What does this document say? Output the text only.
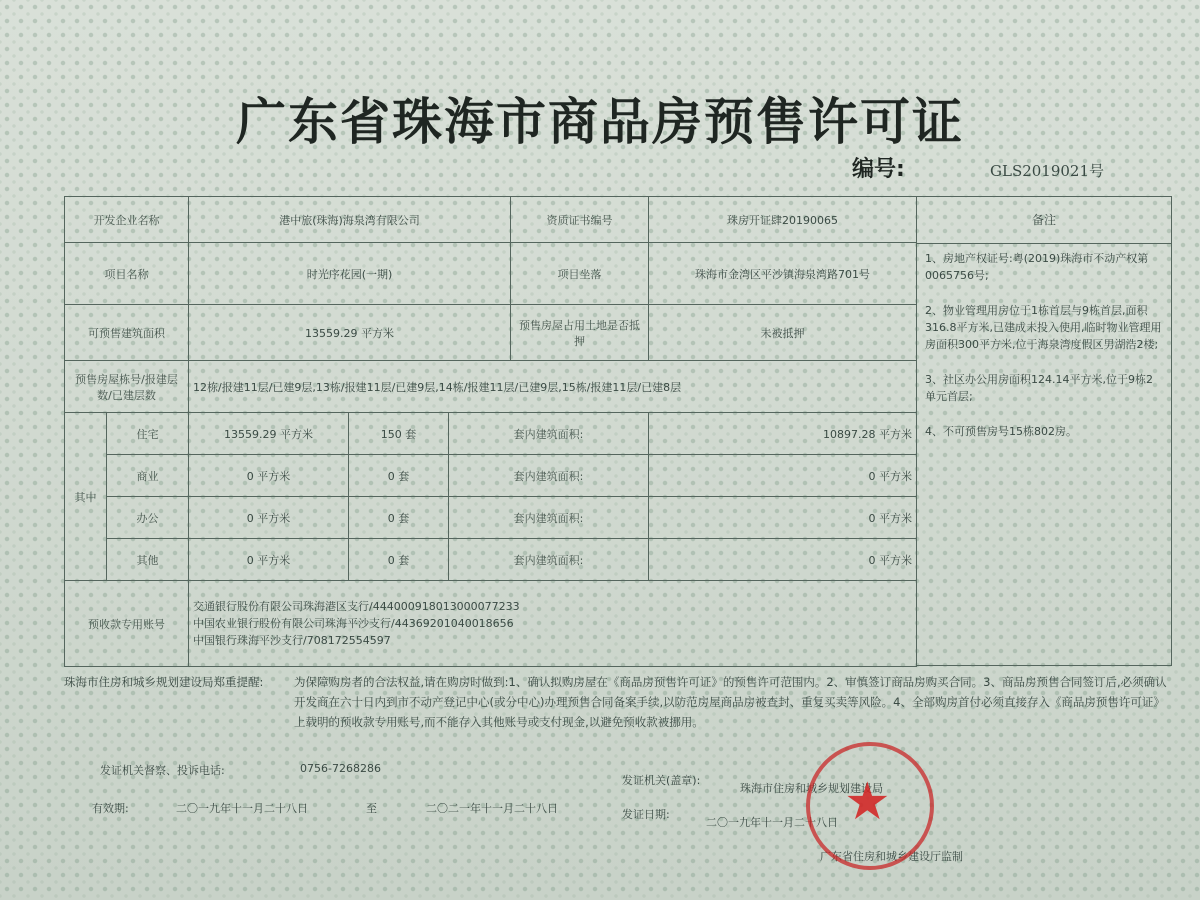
广东省珠海市商品房预售许可证
编号:	GLS2019021号
开发企业名称		港中旅(珠海)海泉湾有限公司			资质证书编号	珠房开证肆20190065
项目名称		时光序花园(一期)			项目坐落	珠海市金湾区平沙镇海泉湾路701号
可预售建筑面积		13559.29 平方米			预售房屋占用土地是否抵押	未被抵押
预售房屋栋号/报建层数/已建层数		12栋/报建11层/已建9层,13栋/报建11层/已建9层,14栋/报建11层/已建9层,15栋/报建11层/已建8层				
其中	住宅	13559.29 平方米	150 套	套内建筑面积:		10897.28 平方米
	商业	0 平方米	0 套	套内建筑面积:		0 平方米
	办公	0 平方米	0 套	套内建筑面积:		0 平方米
	其他	0 平方米	0 套	套内建筑面积:		0 平方米
预收款专用账号		交通银行股份有限公司珠海港区支行/444000918013000077233
中国农业银行股份有限公司珠海平沙支行/44369201040018656
中国银行珠海平沙支行/708172554597				
备注
1、房地产权证号:粤(2019)珠海市不动产权第0065756号;
2、物业管理用房位于1栋首层与9栋首层,面积316.8平方米,已建成未投入使用,临时物业管理用房面积300平方米,位于海泉湾度假区男湖浩2楼;
3、社区办公用房面积124.14平方米,位于9栋2单元首层;
4、不可预售房号15栋802房。
珠海市住房和城乡规划建设局郑重提醒:	为保障购房者的合法权益,请在购房时做到:1、确认拟购房屋在《商品房预售许可证》的预售许可范围内。2、审慎签订商品房购买合同。3、商品房预售合同签订后,必须确认开发商在六十日内到市不动产登记中心(或分中心)办理预售合同备案手续,以防范房屋商品房被查封、重复买卖等风险。4、全部购房首付必须直接存入《商品房预售许可证》上载明的预收款专用账号,而不能存入其他账号或支付现金,以避免预收款被挪用。
发证机关督察、投诉电话:	0756-7268286
发证机关(盖章):
珠海市住房和城乡规划建设局
有效期:	二〇一九年十一月二十八日	至	二〇二一年十一月二十八日	发证日期:
二〇一九年十一月二十八日
广东省住房和城乡建设厅监制
★
